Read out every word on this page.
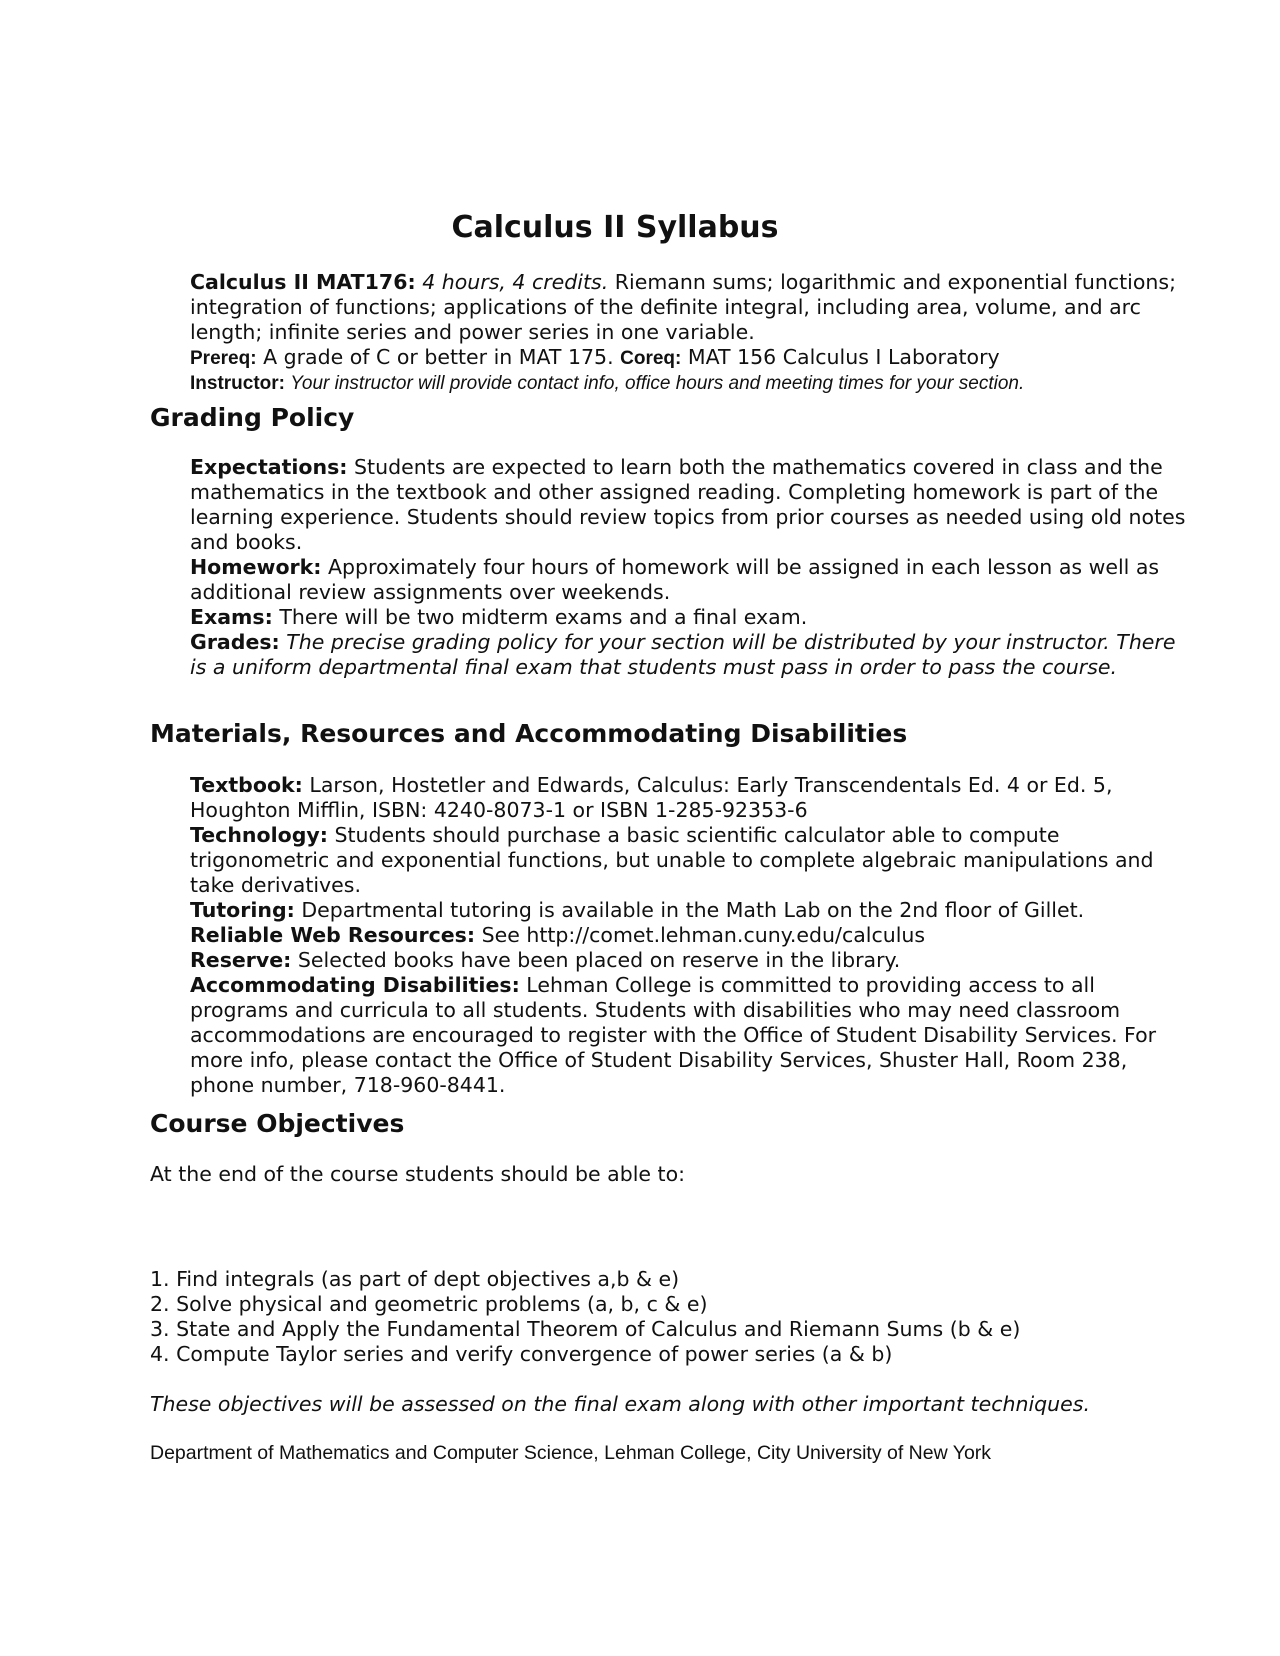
Calculus II Syllabus

Calculus II MAT176: 4 hours, 4 credits. Riemann sums; logarithmic and exponential functions; integration of functions; applications of the definite integral, including area, volume, and arc length; infinite series and power series in one variable.

Prereq: A grade of C or better in MAT 175. Coreq: MAT 156 Calculus I Laboratory

Instructor: Your instructor will provide contact info, office hours and meeting times for your section.

Grading Policy

Expectations: Students are expected to learn both the mathematics covered in class and the mathematics in the textbook and other assigned reading. Completing homework is part of the learning experience. Students should review topics from prior courses as needed using old notes and books.

Homework: Approximately four hours of homework will be assigned in each lesson as well as additional review assignments over weekends.

Exams: There will be two midterm exams and a final exam.

Grades: The precise grading policy for your section will be distributed by your instructor. There is a uniform departmental final exam that students must pass in order to pass the course.

Materials, Resources and Accommodating Disabilities

Textbook: Larson, Hostetler and Edwards, Calculus: Early Transcendentals Ed. 4 or Ed. 5, Houghton Mifflin, ISBN: 4240-8073-1 or ISBN 1-285-92353-6

Technology: Students should purchase a basic scientific calculator able to compute trigonometric and exponential functions, but unable to complete algebraic manipulations and take derivatives.

Tutoring: Departmental tutoring is available in the Math Lab on the 2nd floor of Gillet.

Reliable Web Resources: See http://comet.lehman.cuny.edu/calculus

Reserve: Selected books have been placed on reserve in the library.

Accommodating Disabilities: Lehman College is committed to providing access to all programs and curricula to all students. Students with disabilities who may need classroom accommodations are encouraged to register with the Office of Student Disability Services. For more info, please contact the Office of Student Disability Services, Shuster Hall, Room 238, phone number, 718-960-8441.

Course Objectives

At the end of the course students should be able to:

1. Find integrals (as part of dept objectives a,b & e)
2. Solve physical and geometric problems (a, b, c & e)
3. State and Apply the Fundamental Theorem of Calculus and Riemann Sums (b & e)
4. Compute Taylor series and verify convergence of power series (a & b)

These objectives will be assessed on the final exam along with other important techniques.

Department of Mathematics and Computer Science, Lehman College, City University of New York
